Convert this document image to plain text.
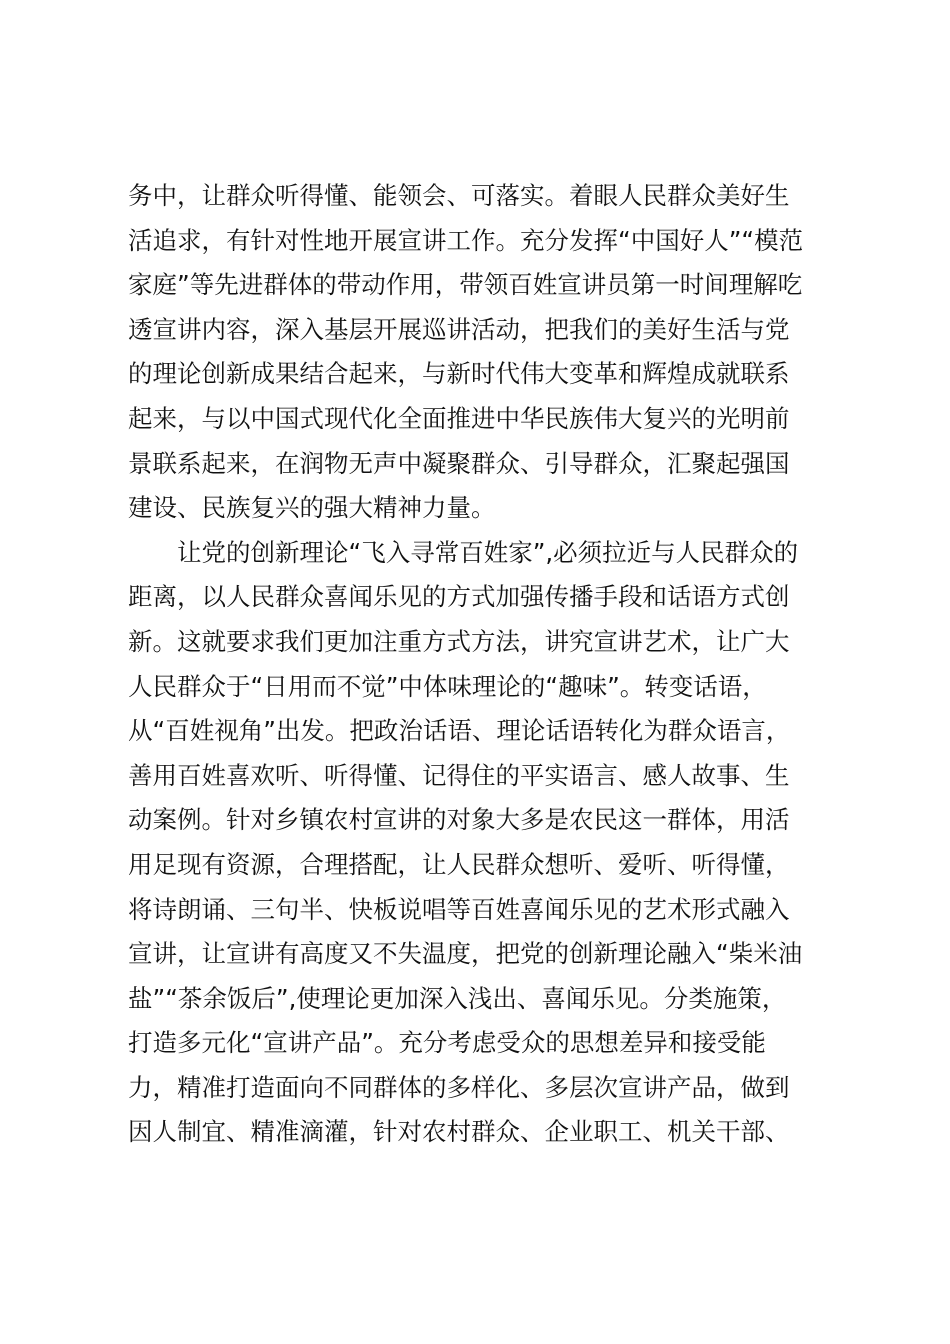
务中，让群众听得懂、能领会、可落实。着眼人民群众美好生
活追求，有针对性地开展宣讲工作。充分发挥“中国好人”“模范
家庭”等先进群体的带动作用，带领百姓宣讲员第一时间理解吃
透宣讲内容，深入基层开展巡讲活动，把我们的美好生活与党
的理论创新成果结合起来，与新时代伟大变革和辉煌成就联系
起来，与以中国式现代化全面推进中华民族伟大复兴的光明前
景联系起来，在润物无声中凝聚群众、引导群众，汇聚起强国
建设、民族复兴的强大精神力量。
　　让党的创新理论“飞入寻常百姓家”,必须拉近与人民群众的
距离，以人民群众喜闻乐见的方式加强传播手段和话语方式创
新。这就要求我们更加注重方式方法，讲究宣讲艺术，让广大
人民群众于“日用而不觉”中体味理论的“趣味”。转变话语，
从“百姓视角”出发。把政治话语、理论话语转化为群众语言，
善用百姓喜欢听、听得懂、记得住的平实语言、感人故事、生
动案例。针对乡镇农村宣讲的对象大多是农民这一群体，用活
用足现有资源，合理搭配，让人民群众想听、爱听、听得懂，
将诗朗诵、三句半、快板说唱等百姓喜闻乐见的艺术形式融入
宣讲，让宣讲有高度又不失温度，把党的创新理论融入“柴米油
盐”“茶余饭后”,使理论更加深入浅出、喜闻乐见。分类施策，
打造多元化“宣讲产品”。充分考虑受众的思想差异和接受能
力，精准打造面向不同群体的多样化、多层次宣讲产品，做到
因人制宜、精准滴灌，针对农村群众、企业职工、机关干部、
